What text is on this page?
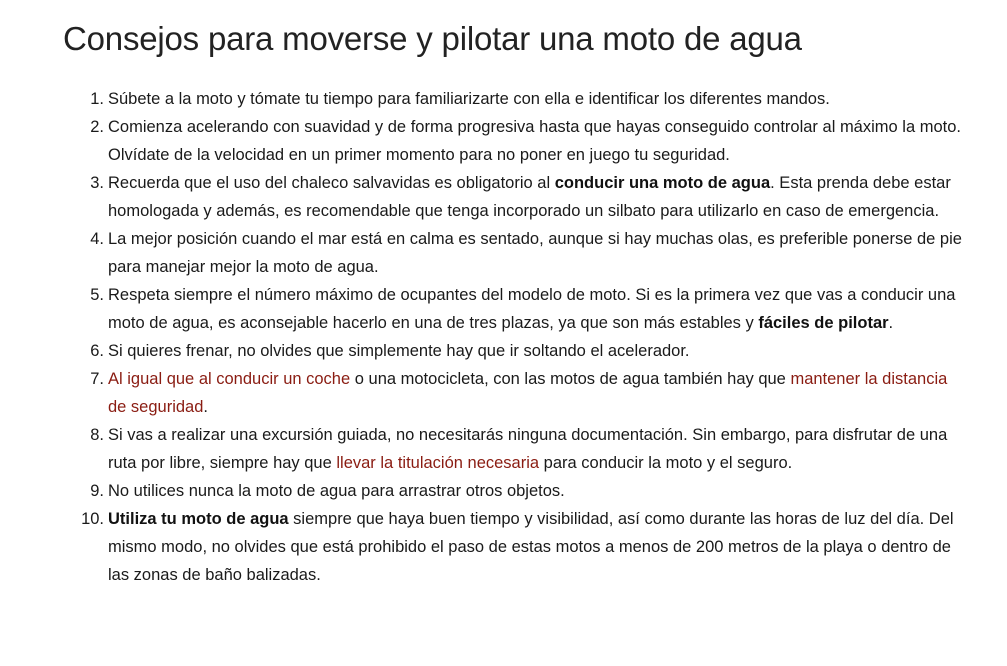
Consejos para moverse y pilotar una moto de agua
1. Súbete a la moto y tómate tu tiempo para familiarizarte con ella e identificar los diferentes mandos.
2. Comienza acelerando con suavidad y de forma progresiva hasta que hayas conseguido controlar al máximo la moto. Olvídate de la velocidad en un primer momento para no poner en juego tu seguridad.
3. Recuerda que el uso del chaleco salvavidas es obligatorio al conducir una moto de agua. Esta prenda debe estar homologada y además, es recomendable que tenga incorporado un silbato para utilizarlo en caso de emergencia.
4. La mejor posición cuando el mar está en calma es sentado, aunque si hay muchas olas, es preferible ponerse de pie para manejar mejor la moto de agua.
5. Respeta siempre el número máximo de ocupantes del modelo de moto. Si es la primera vez que vas a conducir una moto de agua, es aconsejable hacerlo en una de tres plazas, ya que son más estables y fáciles de pilotar.
6. Si quieres frenar, no olvides que simplemente hay que ir soltando el acelerador.
7. Al igual que al conducir un coche o una motocicleta, con las motos de agua también hay que mantener la distancia de seguridad.
8. Si vas a realizar una excursión guiada, no necesitarás ninguna documentación. Sin embargo, para disfrutar de una ruta por libre, siempre hay que llevar la titulación necesaria para conducir la moto y el seguro.
9. No utilices nunca la moto de agua para arrastrar otros objetos.
10. Utiliza tu moto de agua siempre que haya buen tiempo y visibilidad, así como durante las horas de luz del día. Del mismo modo, no olvides que está prohibido el paso de estas motos a menos de 200 metros de la playa o dentro de las zonas de baño balizadas.
